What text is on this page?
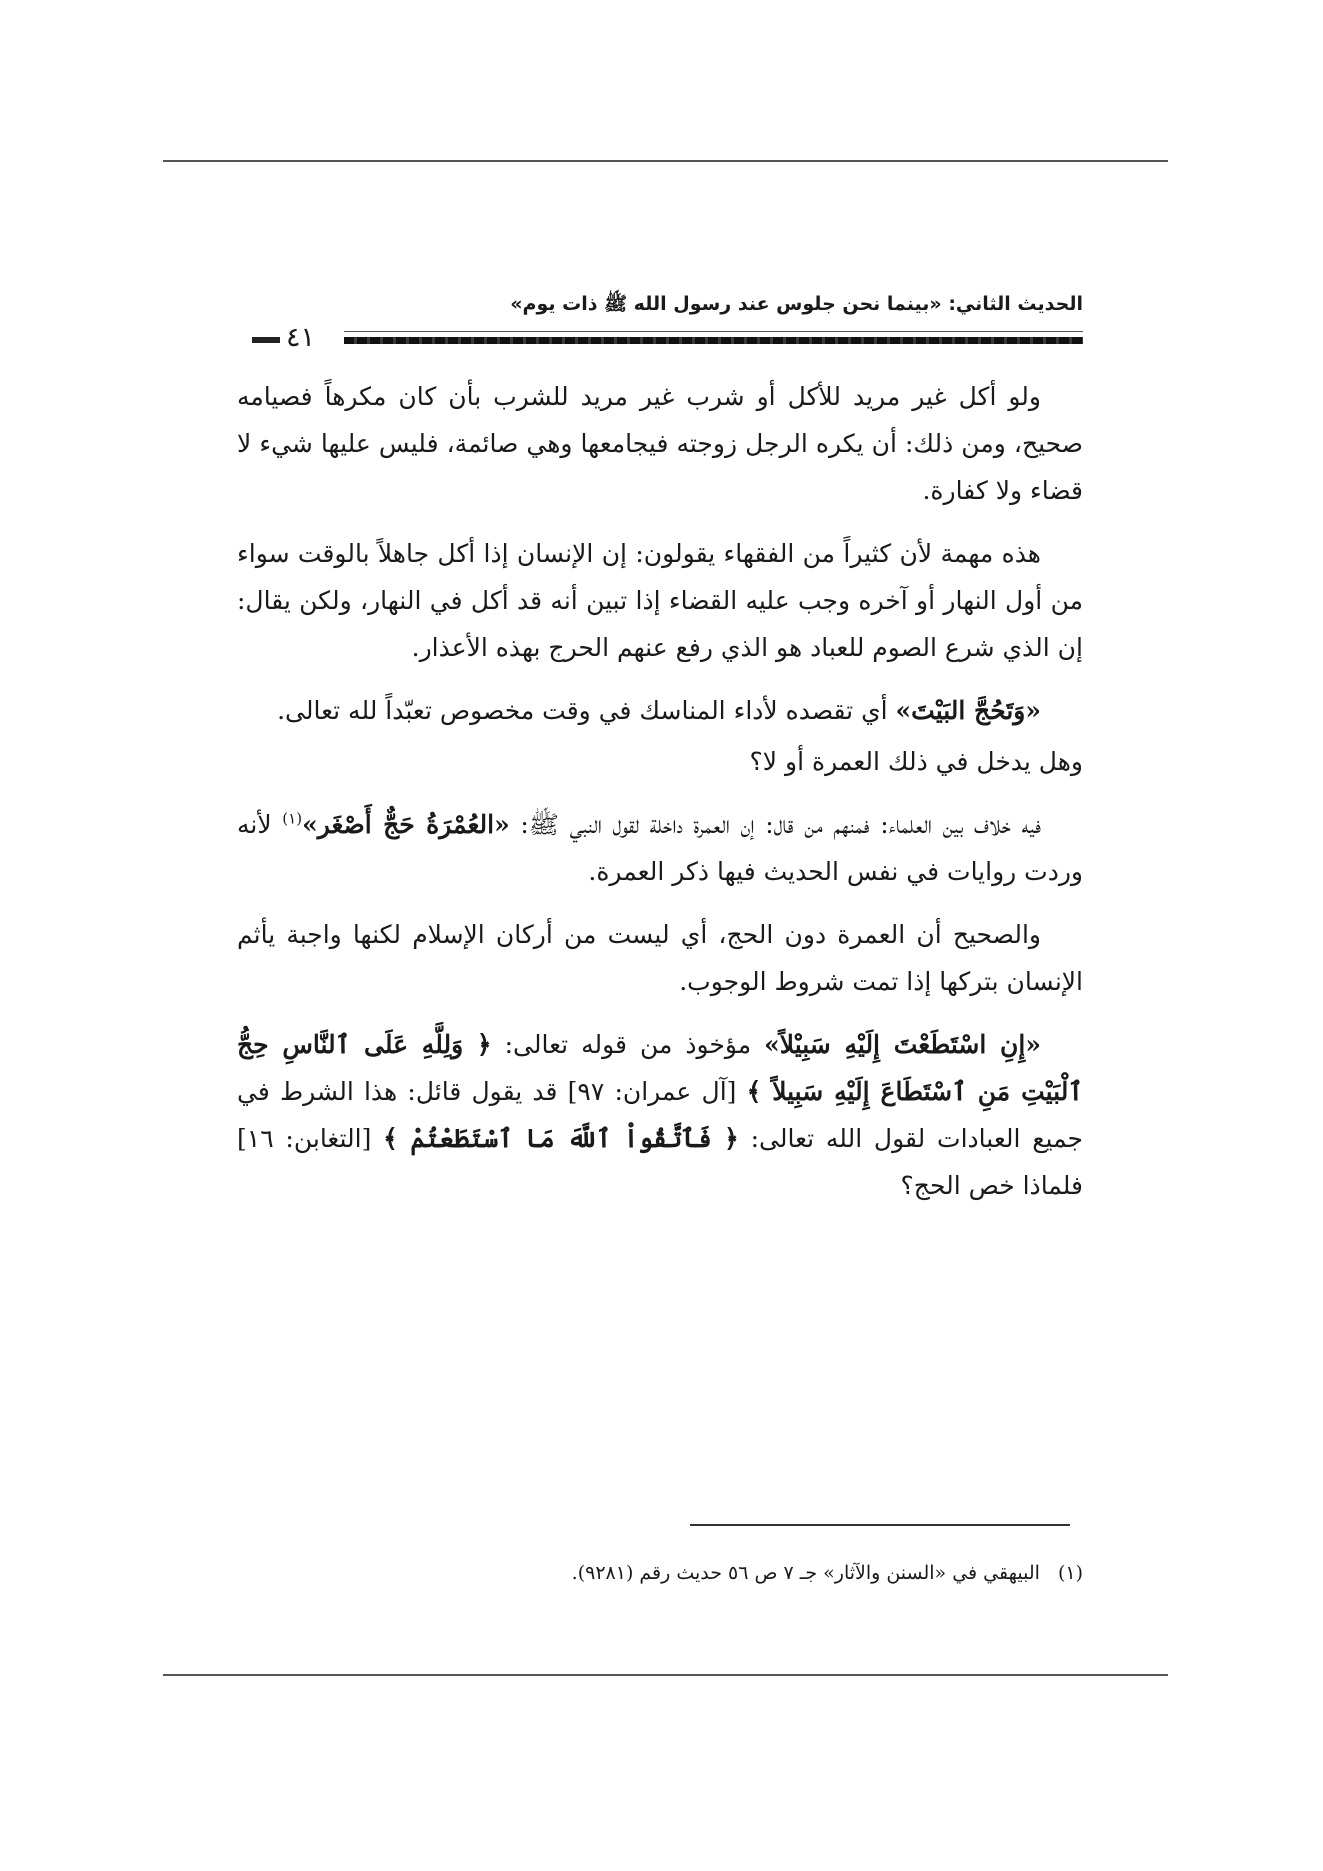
الحديث الثاني: «بينما نحن جلوس عند رسول الله ﷺ ذات يوم»
٤١

ولو أكل غير مريد للأكل أو شرب غير مريد للشرب بأن كان مكرهاً فصيامه صحيح، ومن ذلك: أن يكره الرجل زوجته فيجامعها وهي صائمة، فليس عليها شيء لا قضاء ولا كفارة.

هذه مهمة لأن كثيراً من الفقهاء يقولون: إن الإنسان إذا أكل جاهلاً بالوقت سواء من أول النهار أو آخره وجب عليه القضاء إذا تبين أنه قد أكل في النهار، ولكن يقال: إن الذي شرع الصوم للعباد هو الذي رفع عنهم الحرج بهذه الأعذار.

«وَتَحُجَّ البَيْتَ» أي تقصده لأداء المناسك في وقت مخصوص تعبّداً لله تعالى.

وهل يدخل في ذلك العمرة أو لا؟

فيه خلاف بين العلماء: فمنهم من قال: إن العمرة داخلة لقول النبي ﷺ: «العُمْرَةُ حَجٌّ أَصْغَر»$^{(١)}$ لأنه وردت روايات في نفس الحديث فيها ذكر العمرة.

والصحيح أن العمرة دون الحج، أي ليست من أركان الإسلام لكنها واجبة يأثم الإنسان بتركها إذا تمت شروط الوجوب.

«إِنِ اسْتَطَعْتَ إِلَيْهِ سَبِيْلاً» مؤخوذ من قوله تعالى: ﴿ وَلِلَّهِ عَلَى ٱلنَّاسِ حِجُّ ٱلْبَيْتِ مَنِ ٱسْتَطَاعَ إِلَيْهِ سَبِيلاً ﴾ [آل عمران: ٩٧] قد يقول قائل: هذا الشرط في جميع العبادات لقول الله تعالى: ﴿ فَٱتَّقُواْ ٱللَّهَ مَا ٱسْتَطَعْتُمْ ﴾ [التغابن: ١٦] فلماذا خص الحج؟

(١)البيهقي في «السنن والآثار» جـ ٧ ص ٥٦ حديث رقم (٩٢٨١).
